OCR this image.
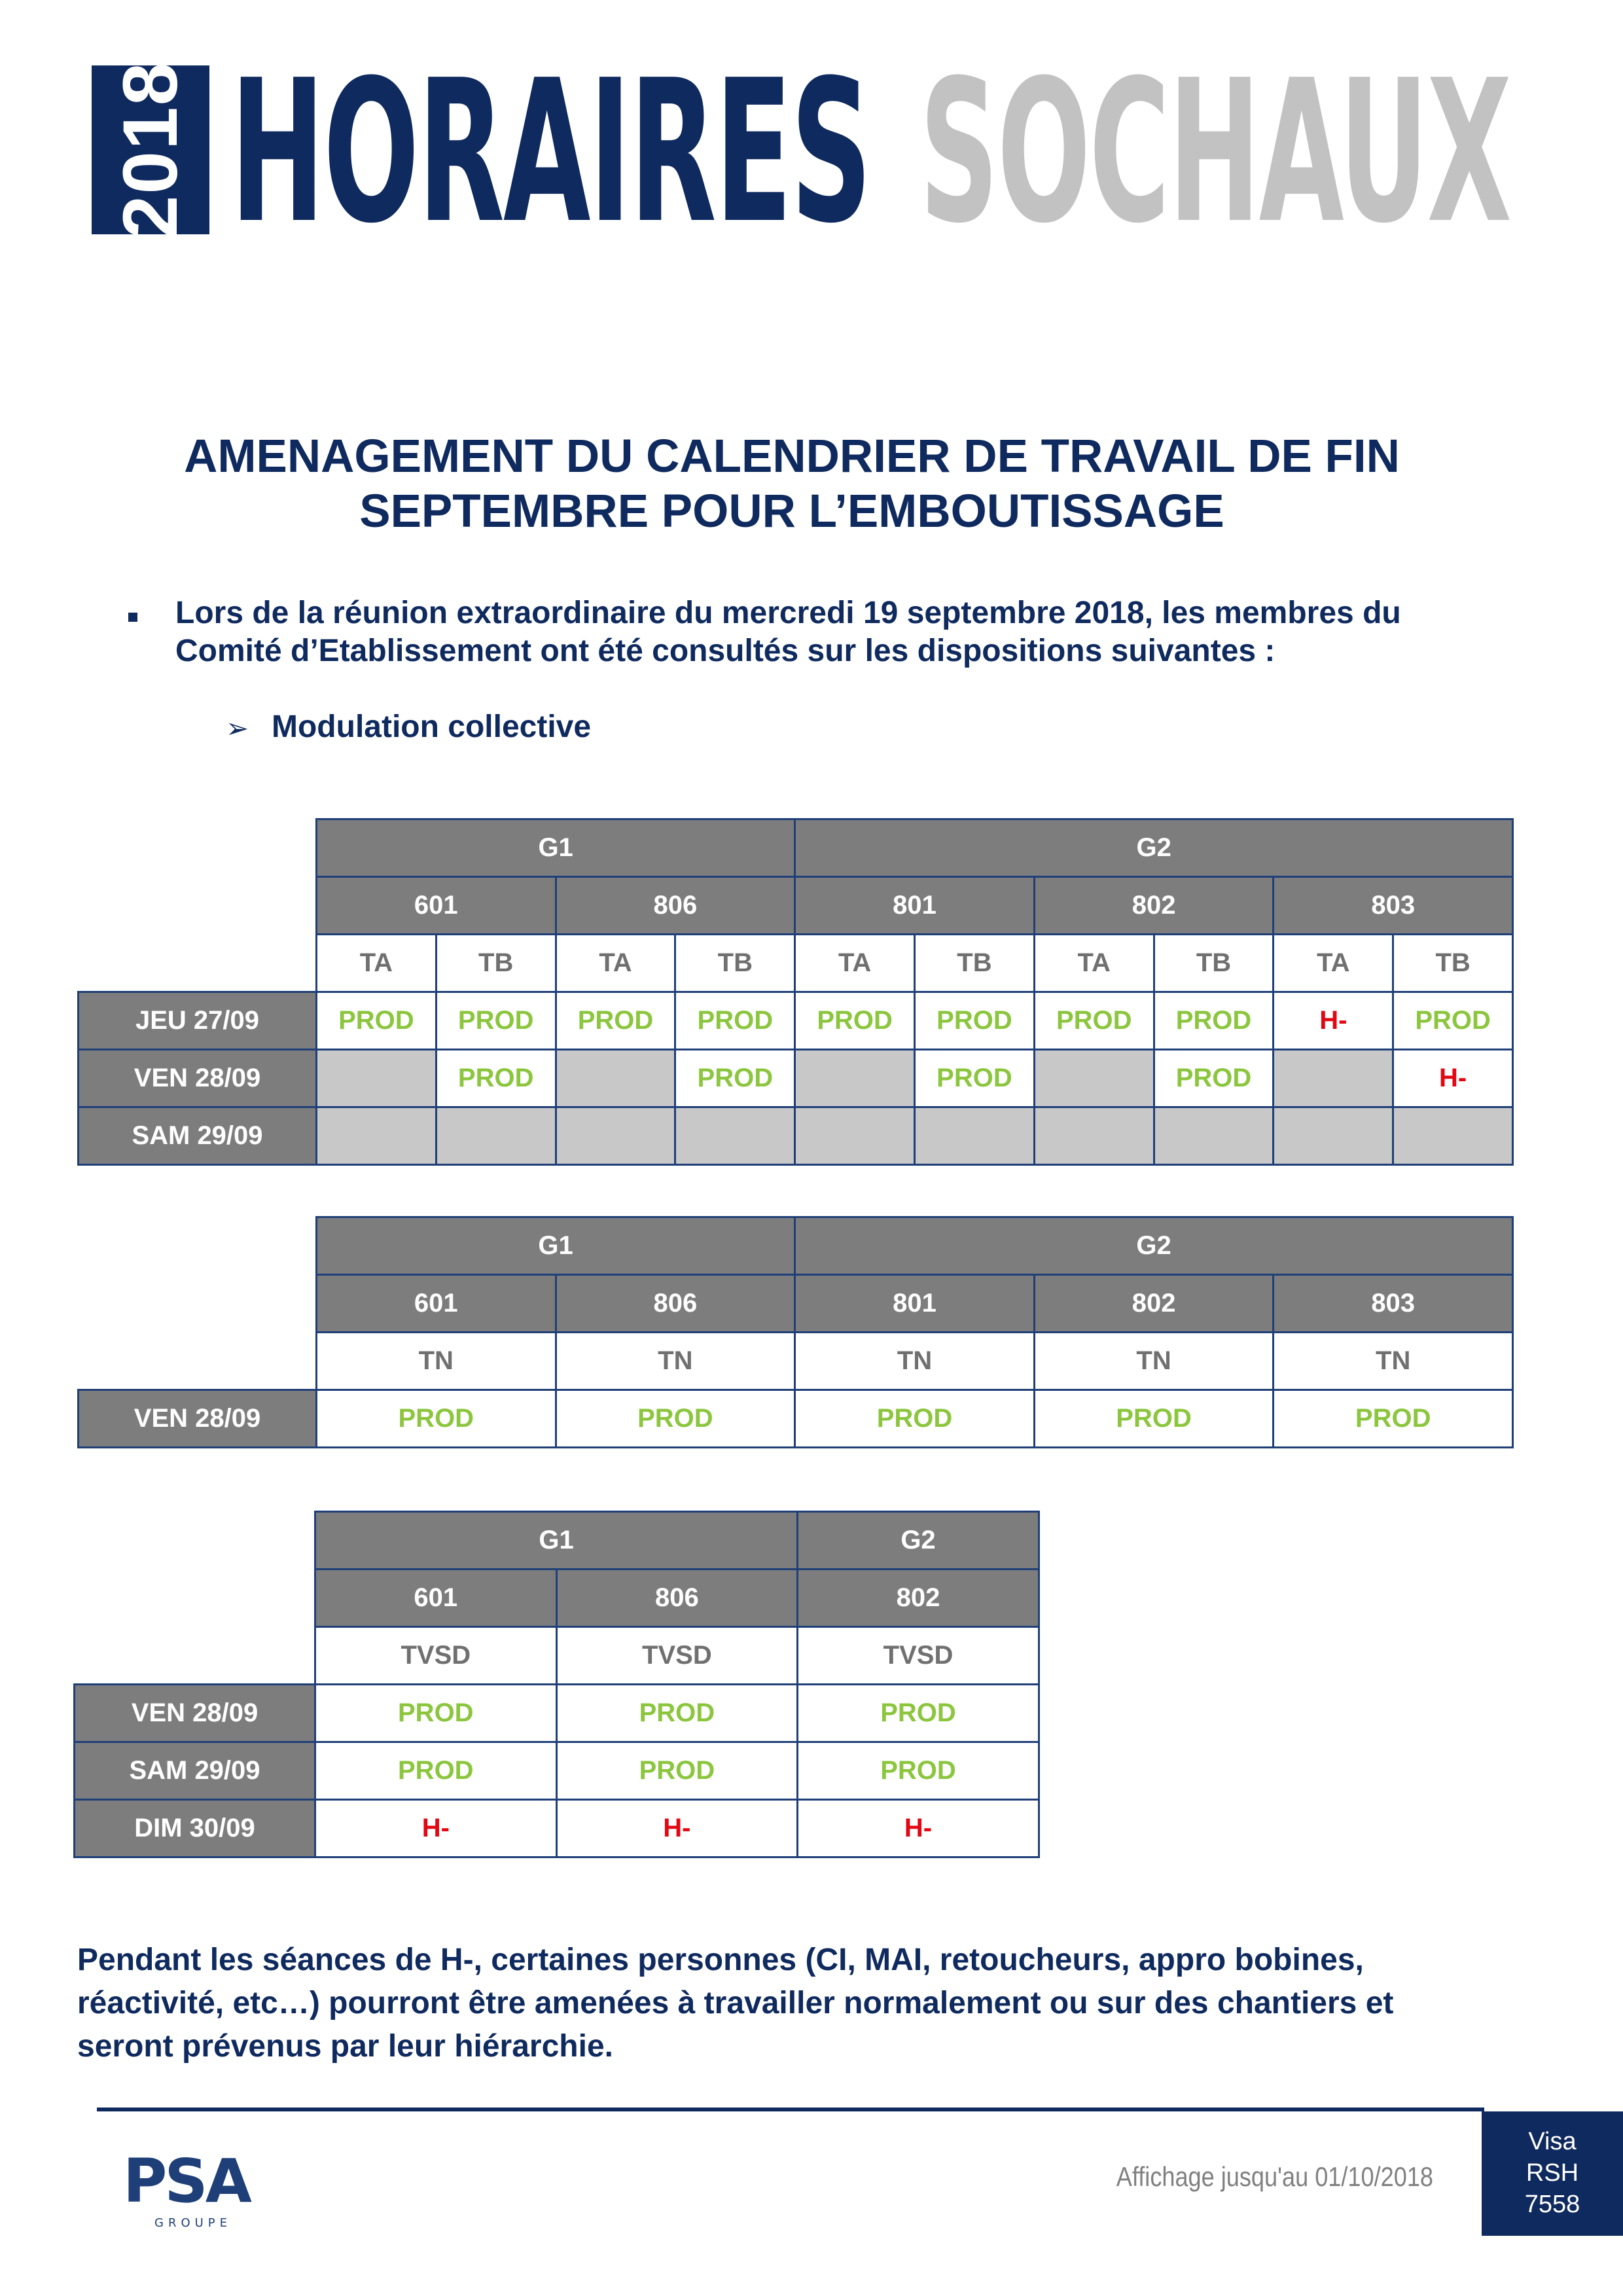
2018 HORAIRES SOCHAUX
AMENAGEMENT DU CALENDRIER DE TRAVAIL DE FIN
SEPTEMBRE POUR L’EMBOUTISSAGE
Lors de la réunion extraordinaire du mercredi 19 septembre 2018, les membres du
Comité d’Etablissement ont été consultés sur les dispositions suivantes :
➢ Modulation collective
	G1				G2					
	601		806		801		802		803	
	TA	TB	TA	TB	TA	TB	TA	TB	TA	TB
JEU 27/09	PROD	PROD	PROD	PROD	PROD	PROD	PROD	PROD	H-	PROD
VEN 28/09		PROD		PROD		PROD		PROD		H-
SAM 29/09										
	G1		G2		
	601	806	801	802	803
	TN	TN	TN	TN	TN
VEN 28/09	PROD	PROD	PROD	PROD	PROD
	G1		G2
	601	806	802
	TVSD	TVSD	TVSD
VEN 28/09	PROD	PROD	PROD
SAM 29/09	PROD	PROD	PROD
DIM 30/09	H-	H-	H-
Pendant les séances de H-, certaines personnes (CI, MAI, retoucheurs, appro bobines,
réactivité, etc…) pourront être amenées à travailler normalement ou sur des chantiers et
seront prévenus par leur hiérarchie.
PSA
GROUPE
Affichage jusqu'au 01/10/2018
Visa
RSH
7558
